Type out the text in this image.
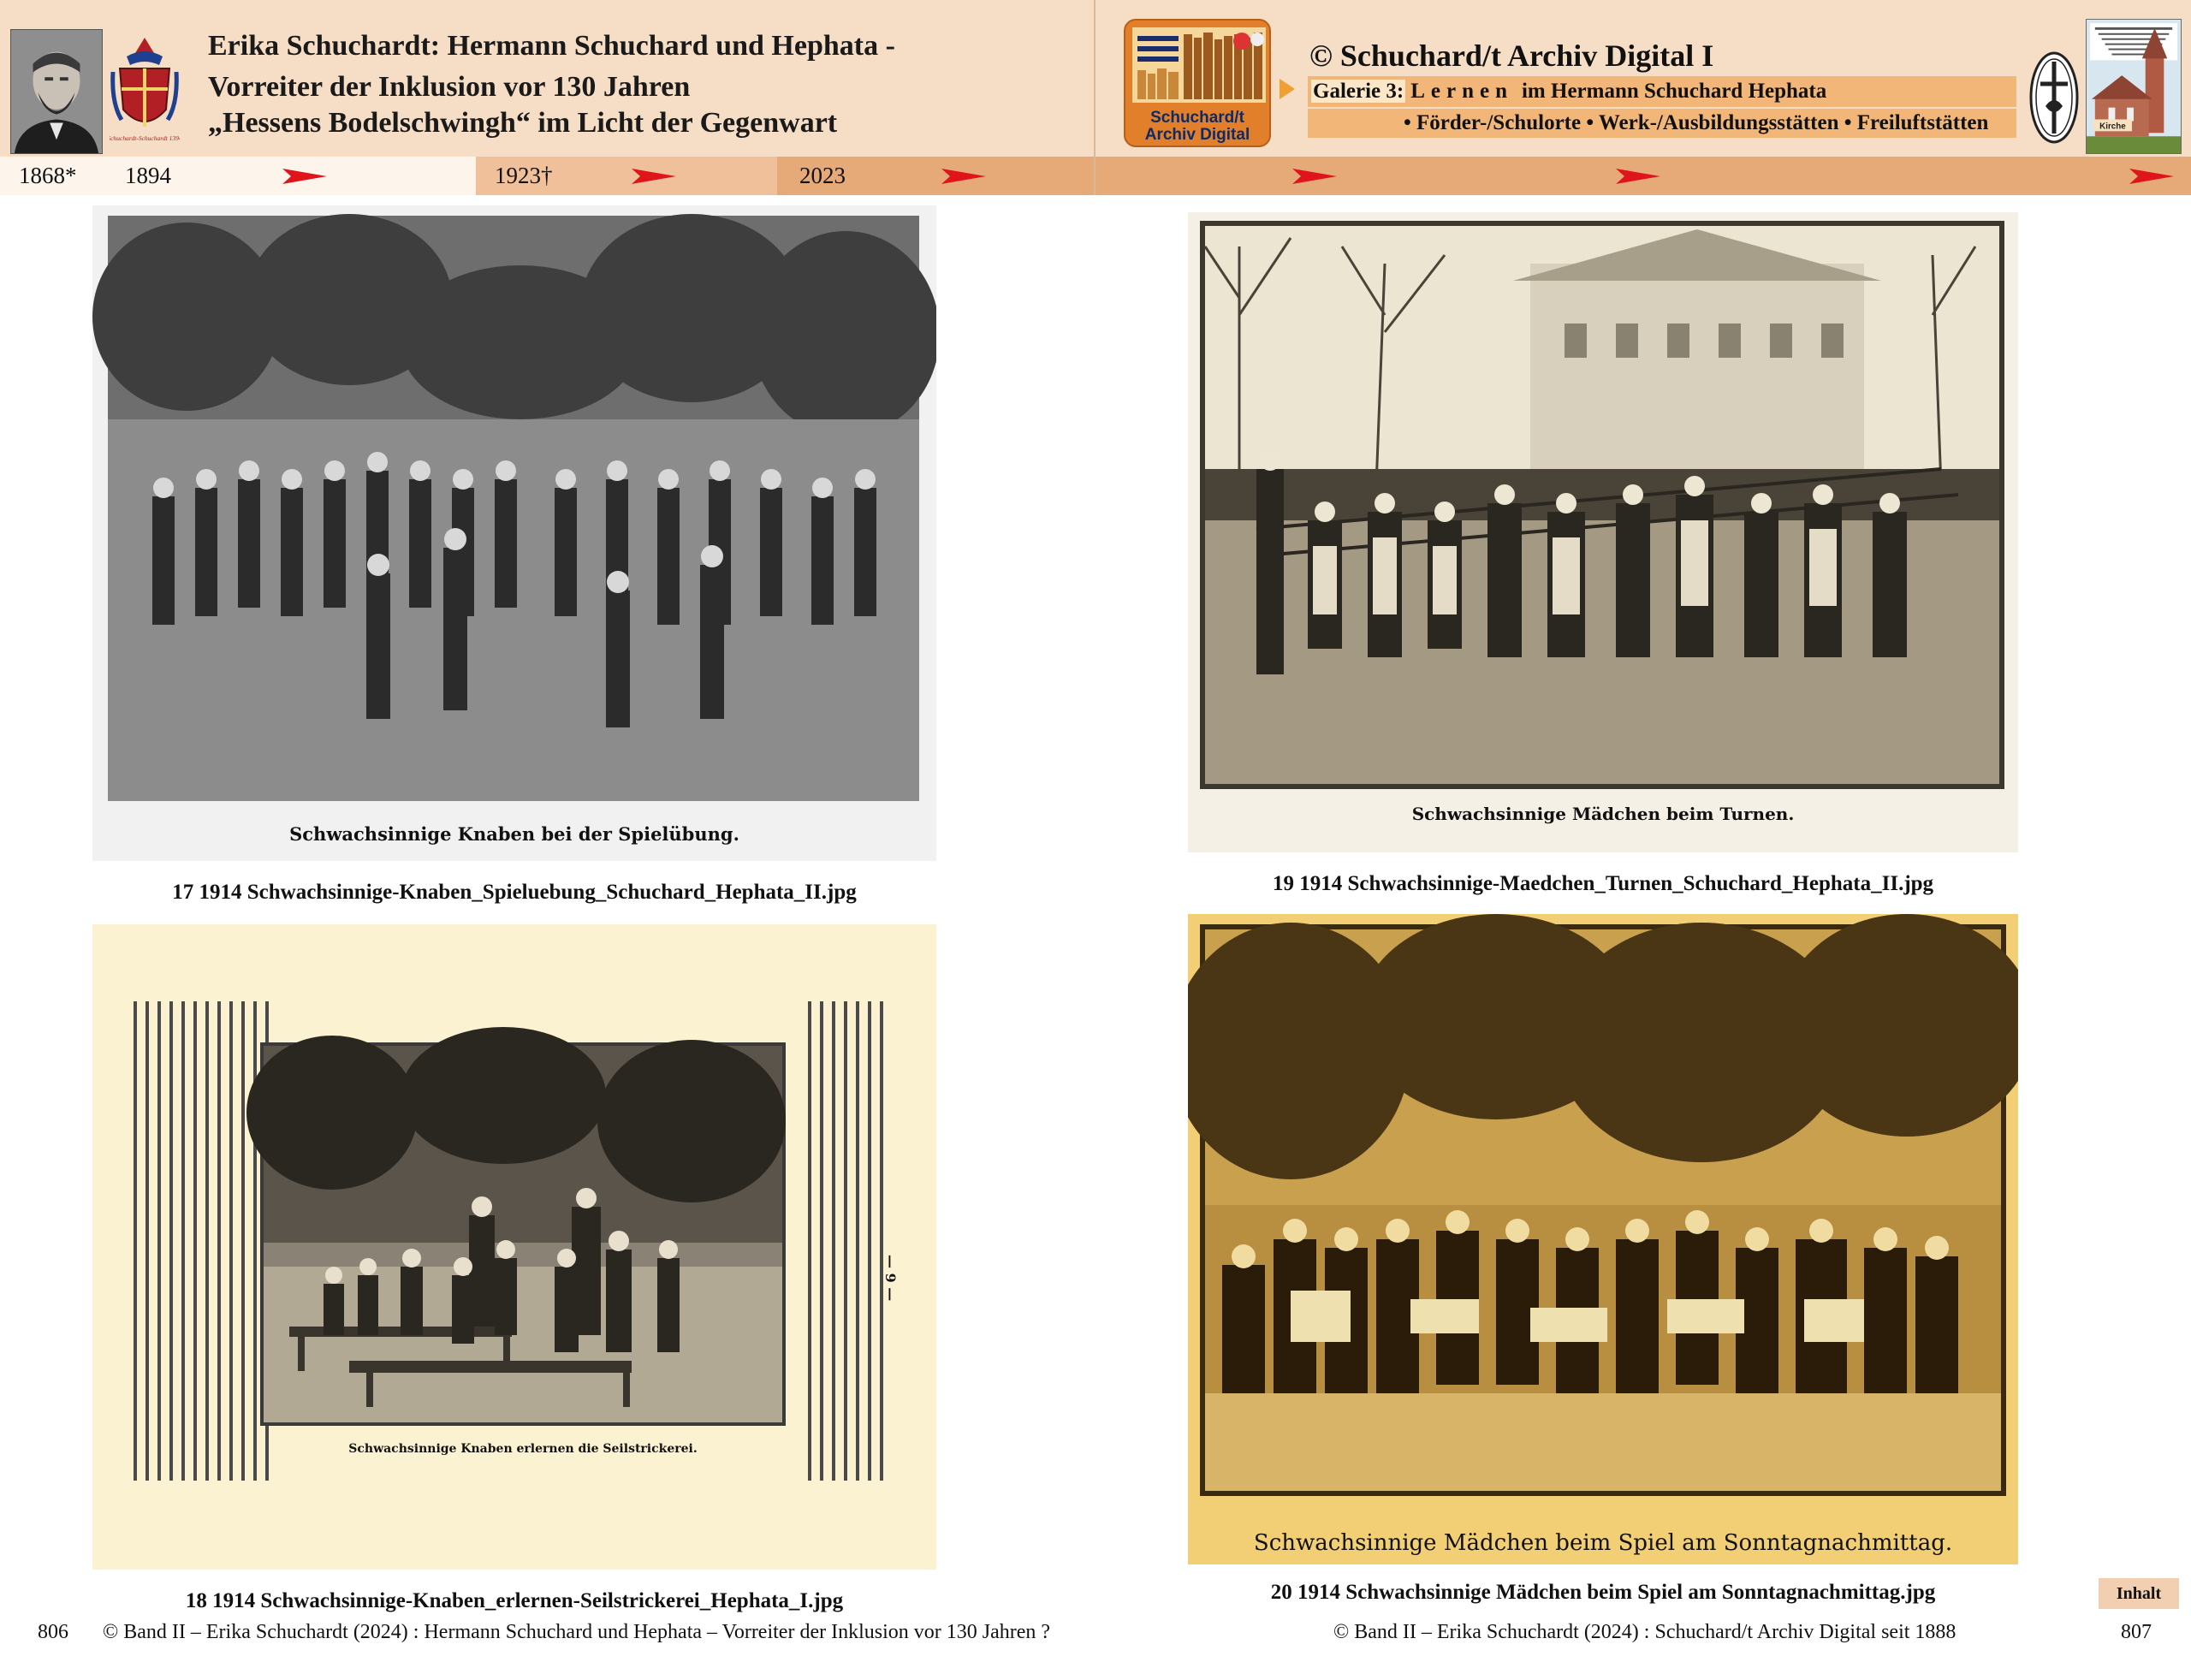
Schuchardt-Schuchardt 1394
Erika Schuchardt: Hermann Schuchard und Hephata -
Vorreiter der Inklusion vor 130 Jahren
„Hessens Bodelschwingh“ im Licht der Gegenwart
1868* 1894	1923†	2023
Schuchard/t
Archiv Digital
© Schuchard/t Archiv Digital I
Galerie 3: Lernen im Hermann Schuchard Hephata
• Förder-/Schulorte • Werk-/Ausbildungsstätten • Freiluftstätten	Kirche
Schwachsinnige Knaben bei der Spielübung.
17 1914 Schwachsinnige-Knaben_Spieluebung_Schuchard_Hephata_II.jpg
Schwachsinnige Knaben erlernen die Seilstrickerei.
— 9 —
18 1914 Schwachsinnige-Knaben_erlernen-Seilstrickerei_Hephata_I.jpg
Schwachsinnige Mädchen beim Turnen.
19 1914 Schwachsinnige-Maedchen_Turnen_Schuchard_Hephata_II.jpg
Schwachsinnige Mädchen beim Spiel am Sonntagnachmittag.
20 1914 Schwachsinnige Mädchen beim Spiel am Sonntagnachmittag.jpg	Inhalt
806 © Band II – Erika Schuchardt (2024) : Hermann Schuchard und Hephata – Vorreiter der Inklusion vor 130 Jahren ?	© Band II – Erika Schuchardt (2024) : Schuchard/t Archiv Digital seit 1888	807
